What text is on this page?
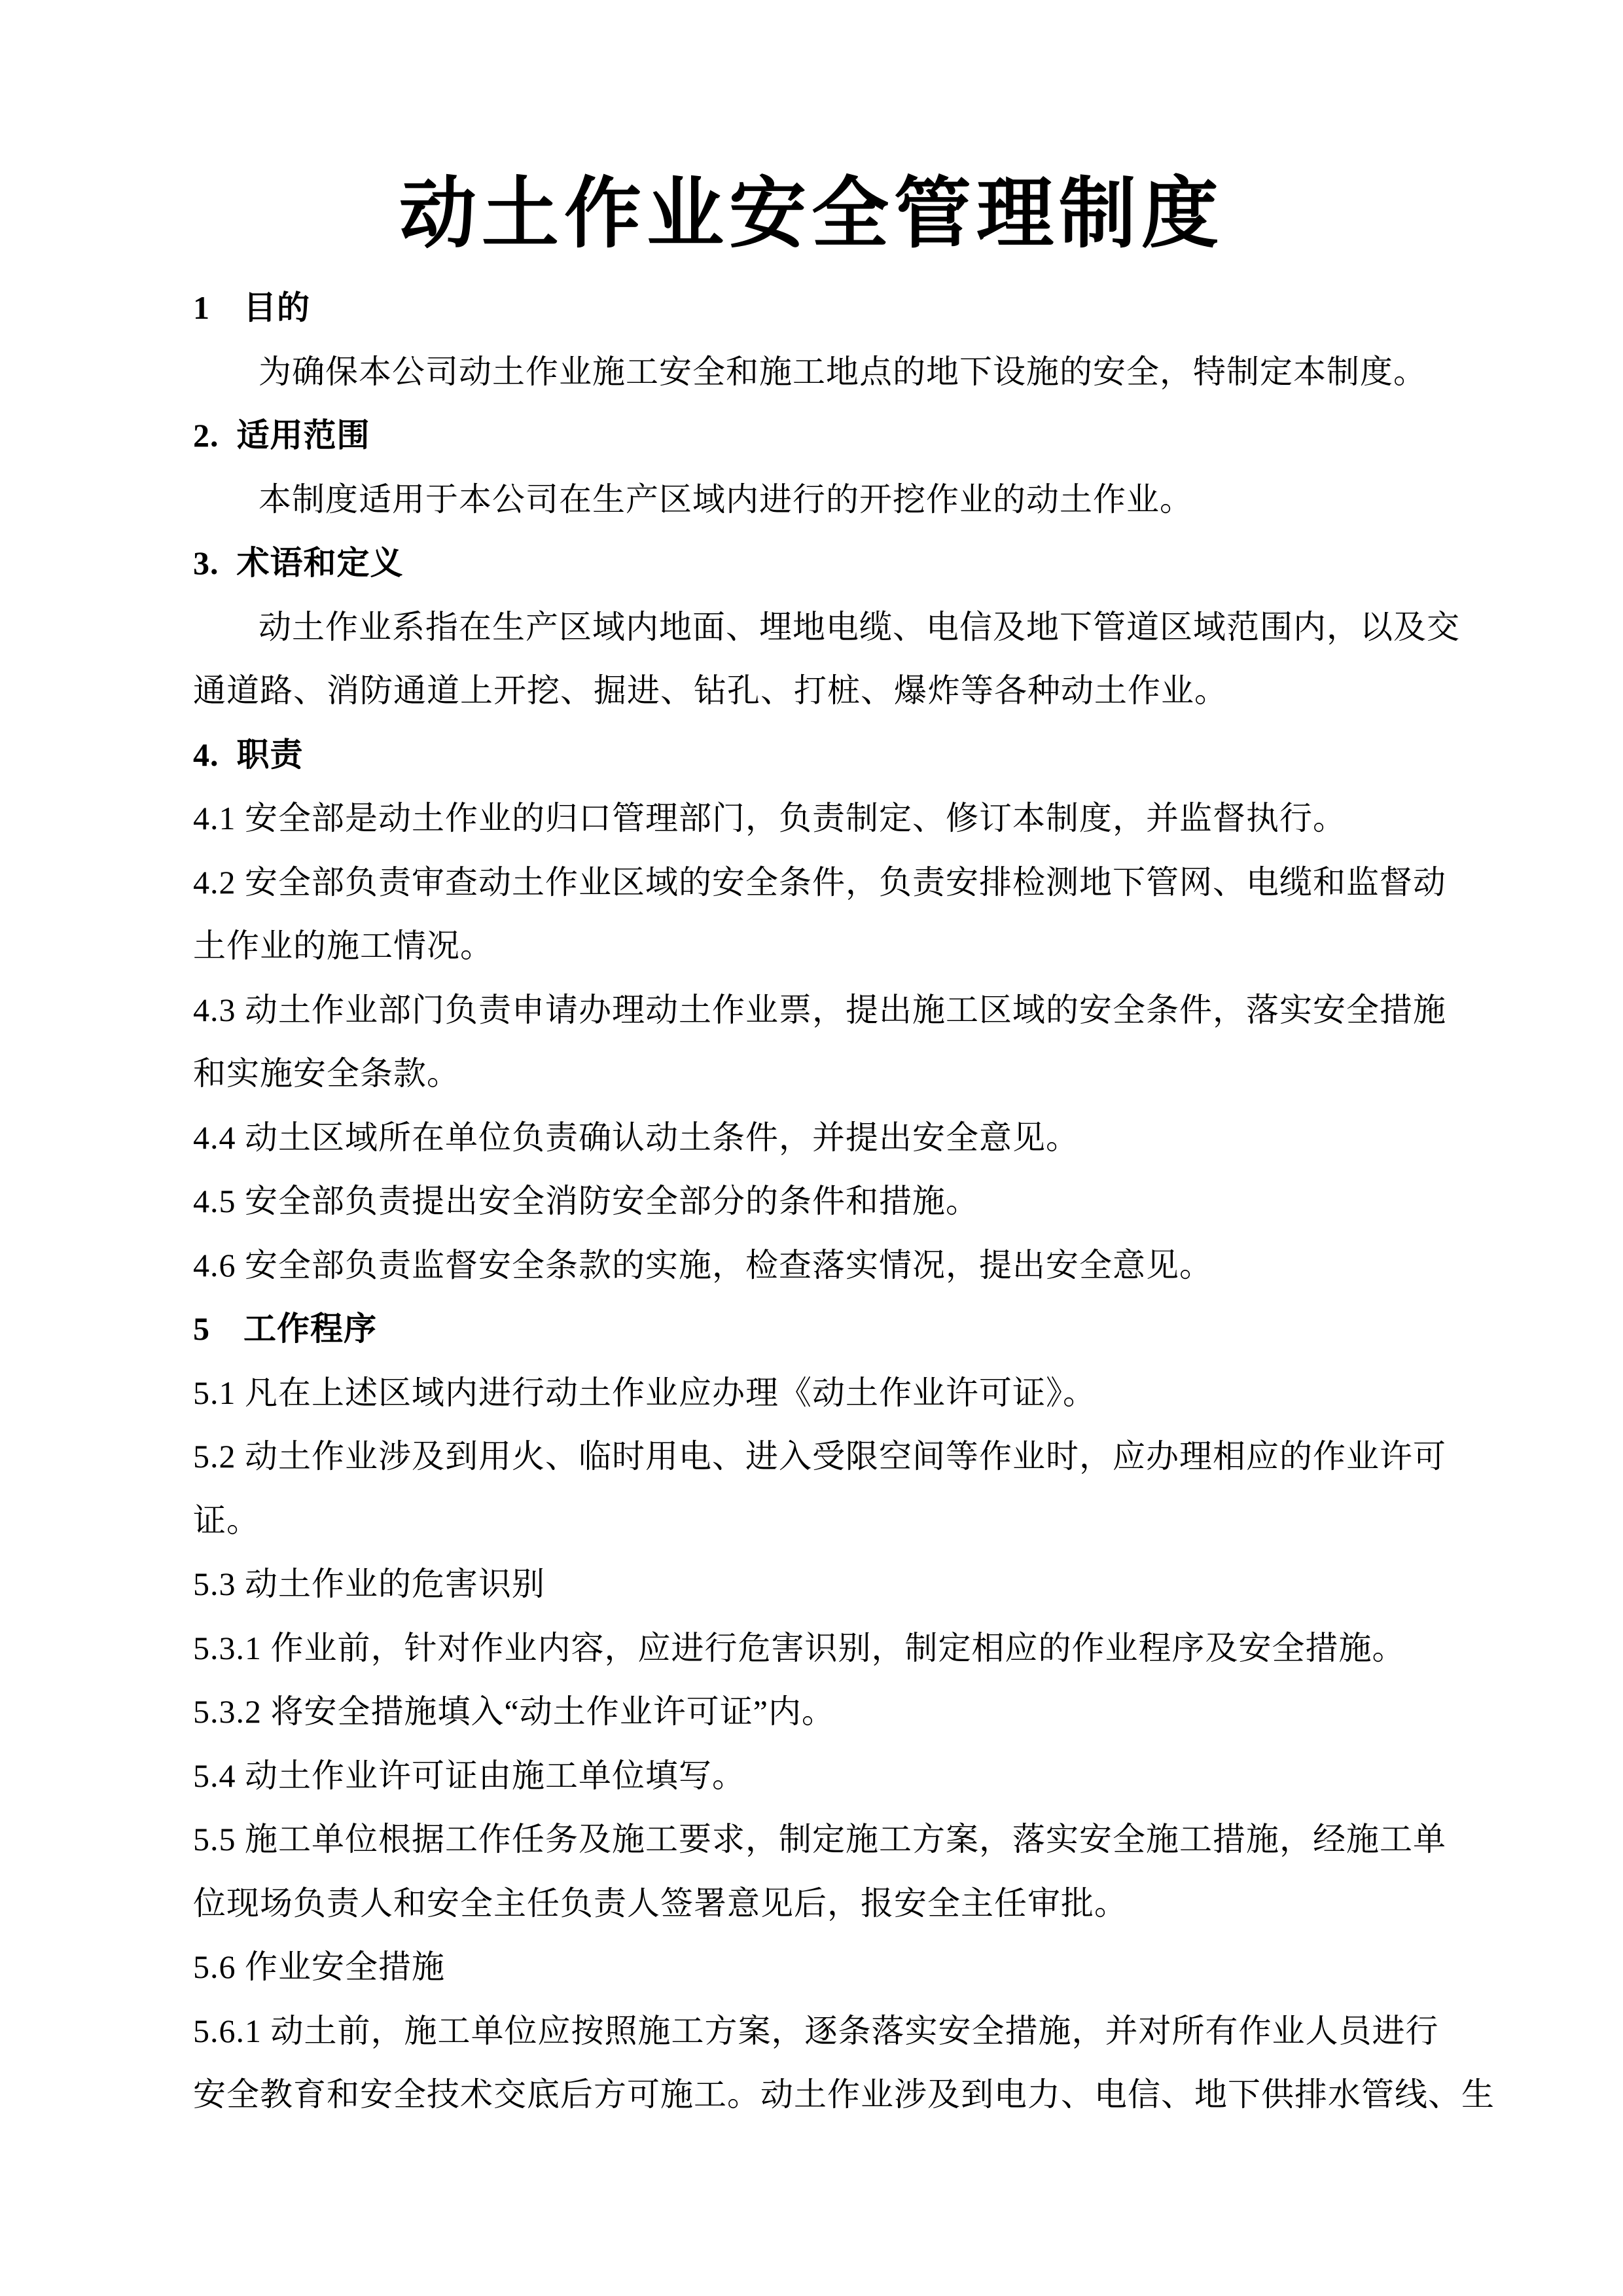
动土作业安全管理制度
1　目的
为确保本公司动土作业施工安全和施工地点的地下设施的安全，特制定本制度。
2.  适用范围
本制度适用于本公司在生产区域内进行的开挖作业的动土作业。
3.  术语和定义
动土作业系指在生产区域内地面、埋地电缆、电信及地下管道区域范围内，以及交
通道路、消防通道上开挖、掘进、钻孔、打桩、爆炸等各种动土作业。
4.  职责
4.1 安全部是动土作业的归口管理部门，负责制定、修订本制度，并监督执行。
4.2 安全部负责审查动土作业区域的安全条件，负责安排检测地下管网、电缆和监督动
土作业的施工情况。
4.3 动土作业部门负责申请办理动土作业票，提出施工区域的安全条件，落实安全措施
和实施安全条款。
4.4 动土区域所在单位负责确认动土条件，并提出安全意见。
4.5 安全部负责提出安全消防安全部分的条件和措施。
4.6 安全部负责监督安全条款的实施，检查落实情况，提出安全意见。
5　工作程序
5.1 凡在上述区域内进行动土作业应办理《动土作业许可证》。
5.2 动土作业涉及到用火、临时用电、进入受限空间等作业时，应办理相应的作业许可
证。
5.3 动土作业的危害识别
5.3.1 作业前，针对作业内容，应进行危害识别，制定相应的作业程序及安全措施。
5.3.2 将安全措施填入“动土作业许可证”内。
5.4 动土作业许可证由施工单位填写。
5.5 施工单位根据工作任务及施工要求，制定施工方案，落实安全施工措施，经施工单
位现场负责人和安全主任负责人签署意见后，报安全主任审批。
5.6 作业安全措施
5.6.1 动土前，施工单位应按照施工方案，逐条落实安全措施，并对所有作业人员进行
安全教育和安全技术交底后方可施工。动土作业涉及到电力、电信、地下供排水管线、生
